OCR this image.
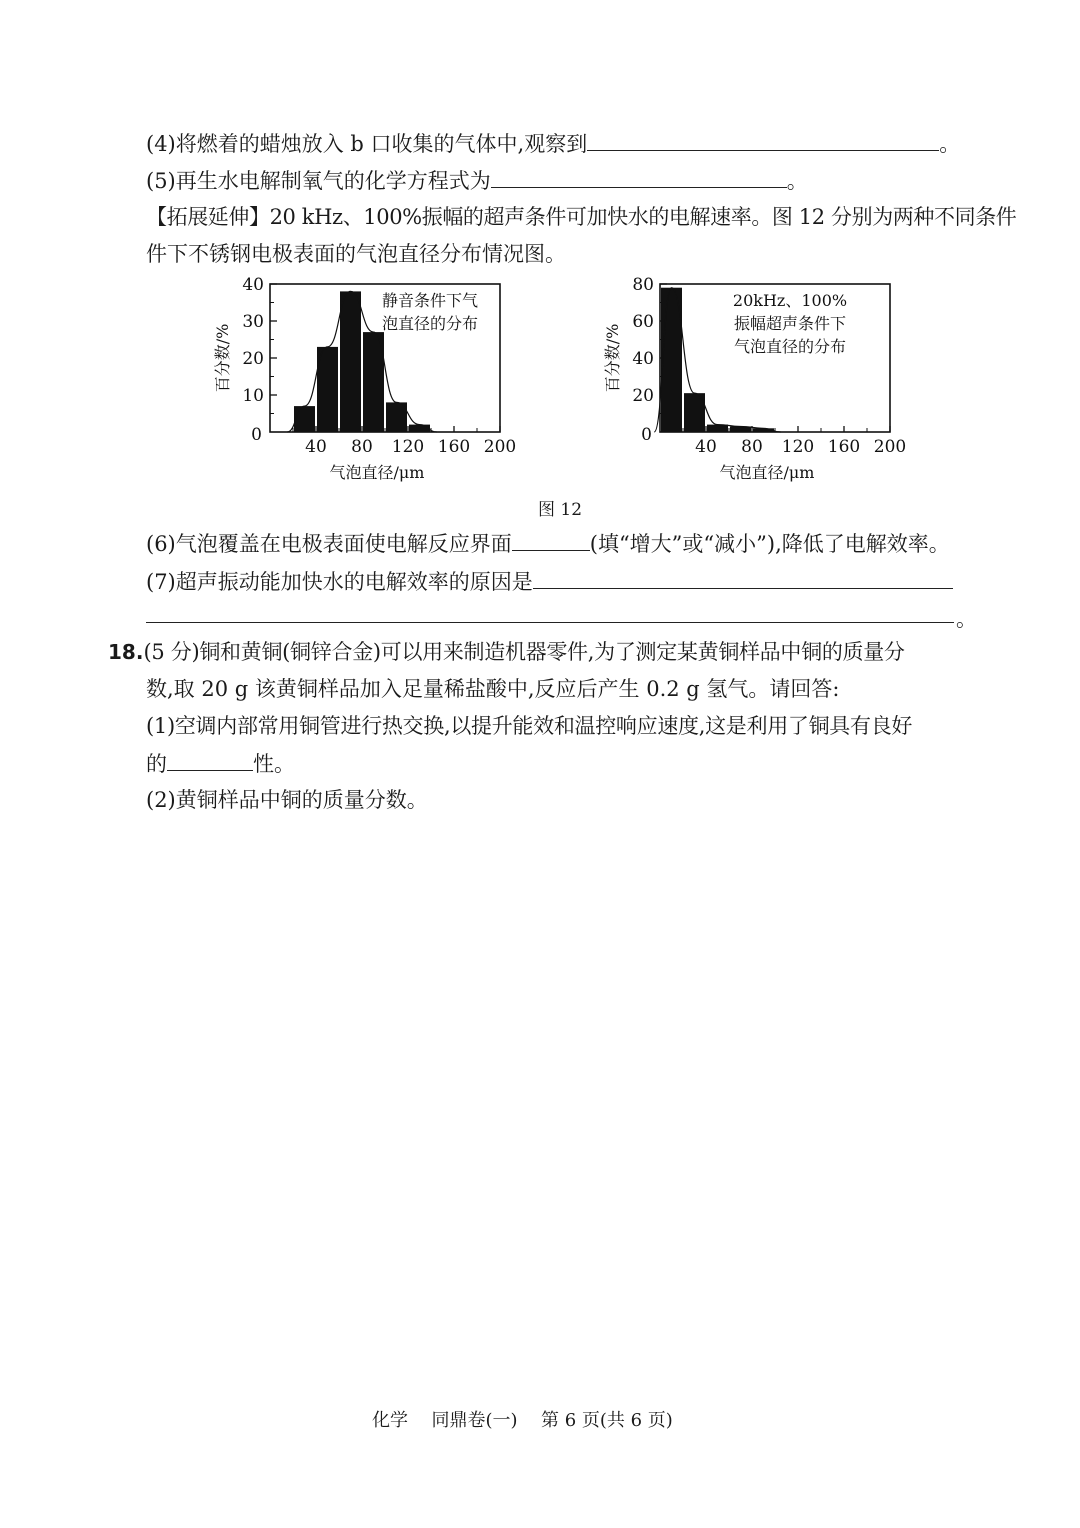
(4)将燃着的蜡烛放入 b 口收集的气体中,观察到	。
(5)再生水电解制氧气的化学方程式为	。
【拓展延伸】20 kHz、100%振幅的超声条件可加快水的电解速率。图 12 分别为两种不同条件
件下不锈钢电极表面的气泡直径分布情况图。
10
20
30
40
40 80 120 160 200
0
静音条件下气
泡直径的分布
气泡直径/μm
百分数/%
20
40
60
80
40 80 120 160 200
0
20kHz、100%
振幅超声条件下
气泡直径的分布
气泡直径/μm
百分数/%
图 12
(6)气泡覆盖在电极表面使电解反应界面	(填“增大”或“减小”),降低了电解效率。
(7)超声振动能加快水的电解效率的原因是
。
18.(5 分)铜和黄铜(铜锌合金)可以用来制造机器零件,为了测定某黄铜样品中铜的质量分
数,取 20 g 该黄铜样品加入足量稀盐酸中,反应后产生 0.2 g 氢气。请回答:
(1)空调内部常用铜管进行热交换,以提升能效和温控响应速度,这是利用了铜具有良好
的	性。
(2)黄铜样品中铜的质量分数。
化学 同鼎卷(一) 第 6 页(共 6 页)
